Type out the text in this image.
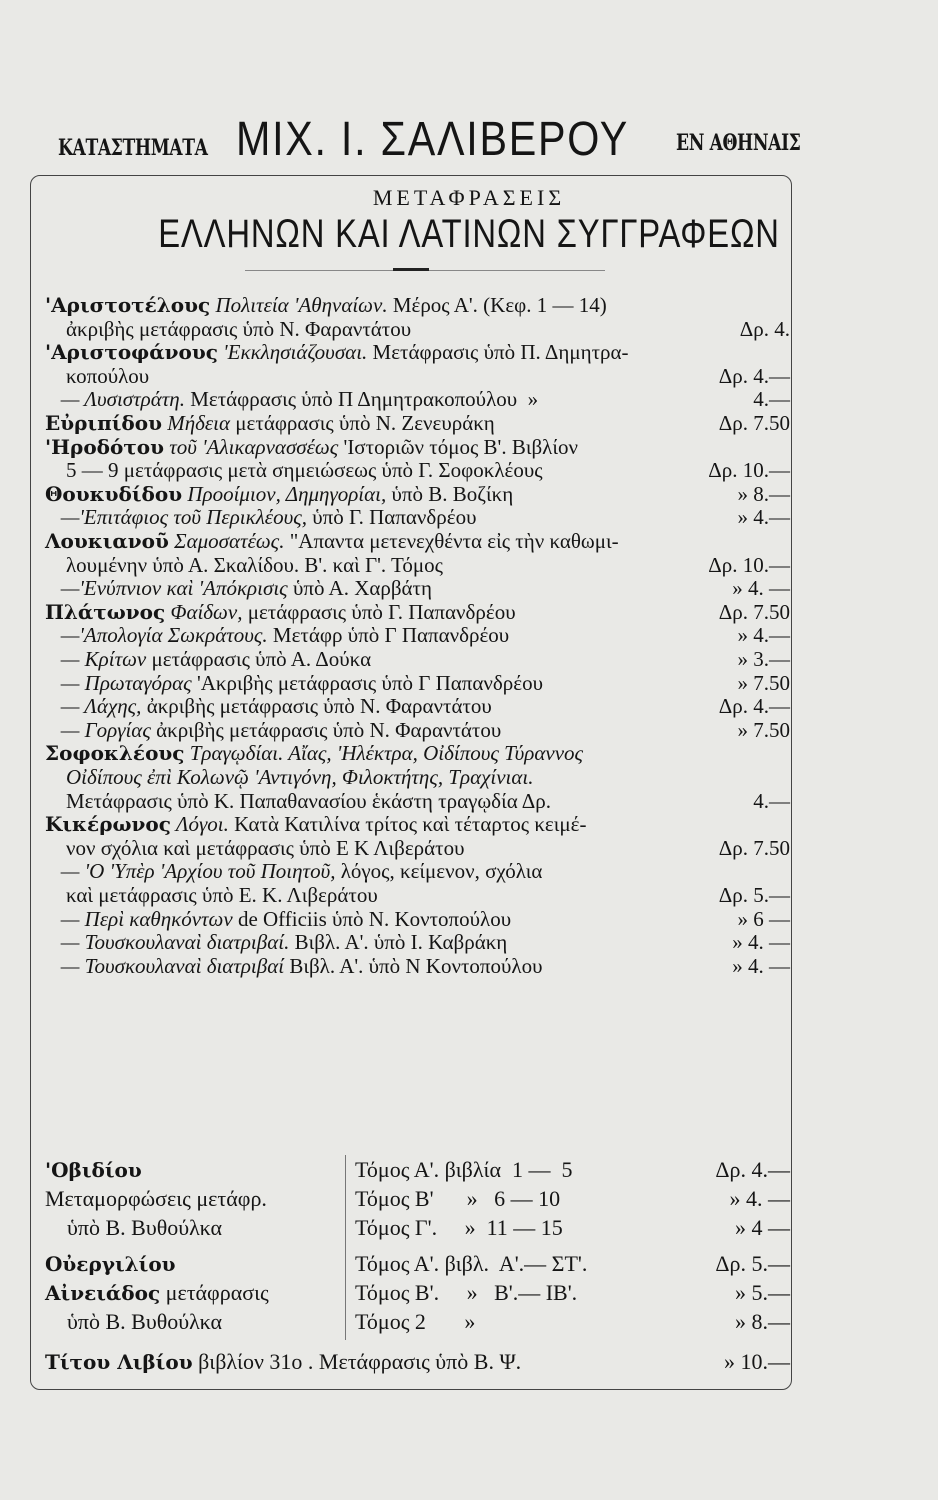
ΚΑΤΑΣΤΗΜΑΤΑ ΜΙΧ. Ι. ΣΑΛΙΒΕΡΟΥ ΕΝ ΑΘΗΝΑΙΣ
ΜΕΤΑΦΡΑΣΕΙΣ
ΕΛΛΗΝΩΝ ΚΑΙ ΛΑΤΙΝΩΝ ΣΥΓΓΡΑΦΕΩΝ
'Αριστοτέλους Πολιτεία 'Αθηναίων. Μέρος Α'. (Κεφ. 1 — 14)
ἀκριβὴς μετάφρασις ὑπὸ Ν. Φαραντάτου	Δρ. 4.
'Αριστοφάνους 'Εκκλησιάζουσαι. Μετάφρασις ὑπὸ Π. Δημητρα-
κοπούλου	Δρ. 4.—
— Λυσιστράτη. Μετάφρασις ὑπὸ Π Δημητρακοπούλου  »	4.—
Εὐριπίδου Μήδεια μετάφρασις ὑπὸ Ν. Ζενευράκη	Δρ. 7.50
'Ηροδότου τοῦ 'Αλικαρνασσέως 'Ιστοριῶν τόμος Β'. Βιβλίον
5 — 9 μετάφρασις μετὰ σημειώσεως ὑπὸ Γ. Σοφοκλέους	Δρ. 10.—
Θουκυδίδου Προοίμιον, Δημηγορίαι, ὑπὸ Β. Βοζίκη	» 8.—
—'Επιτάφιος τοῦ Περικλέους, ὑπὸ Γ. Παπανδρέου	» 4.—
Λουκιανοῦ Σαμοσατέως. "Απαντα μετενεχθέντα εἰς τὴν καθωμι-
λουμένην ὑπὸ Α. Σκαλίδου. Β'. καὶ Γ'. Τόμος	Δρ. 10.—
—'Ενύπνιον καὶ 'Απόκρισις ὑπὸ Α. Χαρβάτη	» 4. —
Πλάτωνος Φαίδων, μετάφρασις ὑπὸ Γ. Παπανδρέου	Δρ. 7.50
—'Απολογία Σωκράτους. Μετάφρ ὑπὸ Γ Παπανδρέου	» 4.—
— Κρίτων μετάφρασις ὑπὸ Α. Δούκα	» 3.—
— Πρωταγόρας 'Ακριβὴς μετάφρασις ὑπὸ Γ Παπανδρέου	» 7.50
— Λάχης, ἀκριβὴς μετάφρασις ὑπὸ Ν. Φαραντάτου	Δρ. 4.—
— Γοργίας ἀκριβὴς μετάφρασις ὑπὸ Ν. Φαραντάτου	» 7.50
Σοφοκλέους Τραγῳδίαι. Αἴας, 'Ηλέκτρα, Οἰδίπους Τύραννος
Οἰδίπους ἐπὶ Κολωνῷ 'Αντιγόνη, Φιλοκτήτης, Τραχίνιαι.
Μετάφρασις ὑπὸ Κ. Παπαθανασίου ἑκάστη τραγῳδία Δρ.	4.—
Κικέρωνος Λόγοι. Κατὰ Κατιλίνα τρίτος καὶ τέταρτος κειμέ-
νον σχόλια καὶ μετάφρασις ὑπὸ Ε Κ Λιβεράτου	Δρ. 7.50
— 'Ο 'Υπὲρ 'Αρχίου τοῦ Ποιητοῦ, λόγος, κείμενον, σχόλια
καὶ μετάφρασις ὑπὸ Ε. Κ. Λιβεράτου	Δρ. 5.—
— Περὶ καθηκόντων de Officiis ὑπὸ Ν. Κοντοπούλου	» 6 —
— Τουσκουλαναὶ διατριβαί. Βιβλ. Α'. ὑπὸ Ι. Καβράκη	» 4. —
— Τουσκουλαναὶ διατριβαί Βιβλ. Α'. ὑπὸ Ν Κοντοπούλου	» 4. —
'Οβιδίου	Τόμος Α'. βιβλία  1 —  5	Δρ. 4.—
Μεταμορφώσεις μετάφρ.	Τόμος Β'      »   6 — 10	» 4. —
ὑπὸ Β. Βυθούλκα	Τόμος Γ'.     »  11 — 15	» 4 —
Οὐεργιλίου	Τόμος Α'. βιβλ.  Α'.— ΣΤ'.	Δρ. 5.—
Αἰνειάδος μετάφρασις	Τόμος Β'.     »   Β'.— ΙΒ'.	» 5.—
ὑπὸ Β. Βυθούλκα	Τόμος 2       »	» 8.—
Τίτου Λιβίου βιβλίον 31ο . Μετάφρασις ὑπὸ Β. Ψ.	» 10.—
